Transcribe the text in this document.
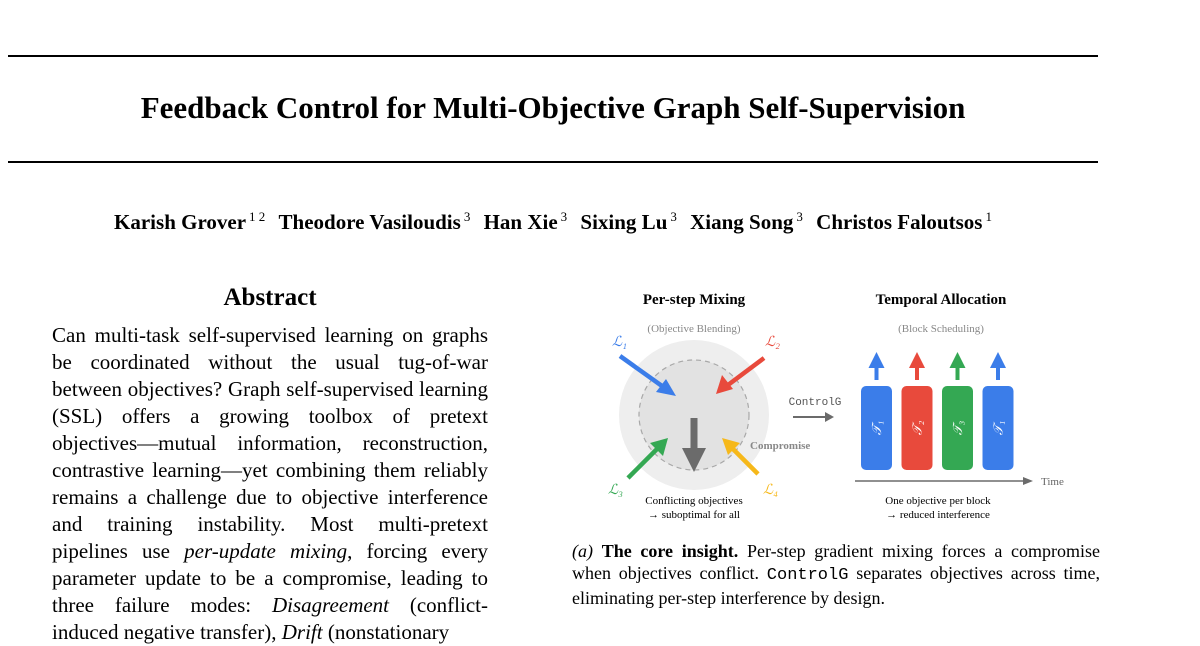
Feedback Control for Multi-Objective Graph Self-Supervision
Karish Grover $^{1 2}$ Theodore Vasiloudis $^3$ Han Xie $^3$ Sixing Lu $^3$ Xiang Song $^3$ Christos Faloutsos $^1$
Abstract

Can multi-task self-supervised learning on graphs be coordinated without the usual tug-of-war between objectives? Graph self-supervised learning (SSL) offers a growing toolbox of pretext objectives—mutual information, reconstruction, contrastive learning—yet combining them reliably remains a challenge due to objective interference and training instability. Most multi-pretext pipelines use per-update mixing, forcing every parameter update to be a compromise, leading to three failure modes: Disagreement (conflict-induced negative transfer), Drift (nonstationary

Per-step Mixing
(Objective Blending)
ℒ₁	ℒ₂
ℒ₃	ℒ₄
Compromise
Conflicting objectives
→ suboptimal for all
ControlG
Temporal Allocation
(Block Scheduling)
𝒯₁ 𝒯₂ 𝒯₃ 𝒯₁
Time
One objective per block
→ reduced interference

(a) The core insight. Per-step gradient mixing forces a compromise when objectives conflict. ControlG separates objectives across time, eliminating per-step interference by design.
